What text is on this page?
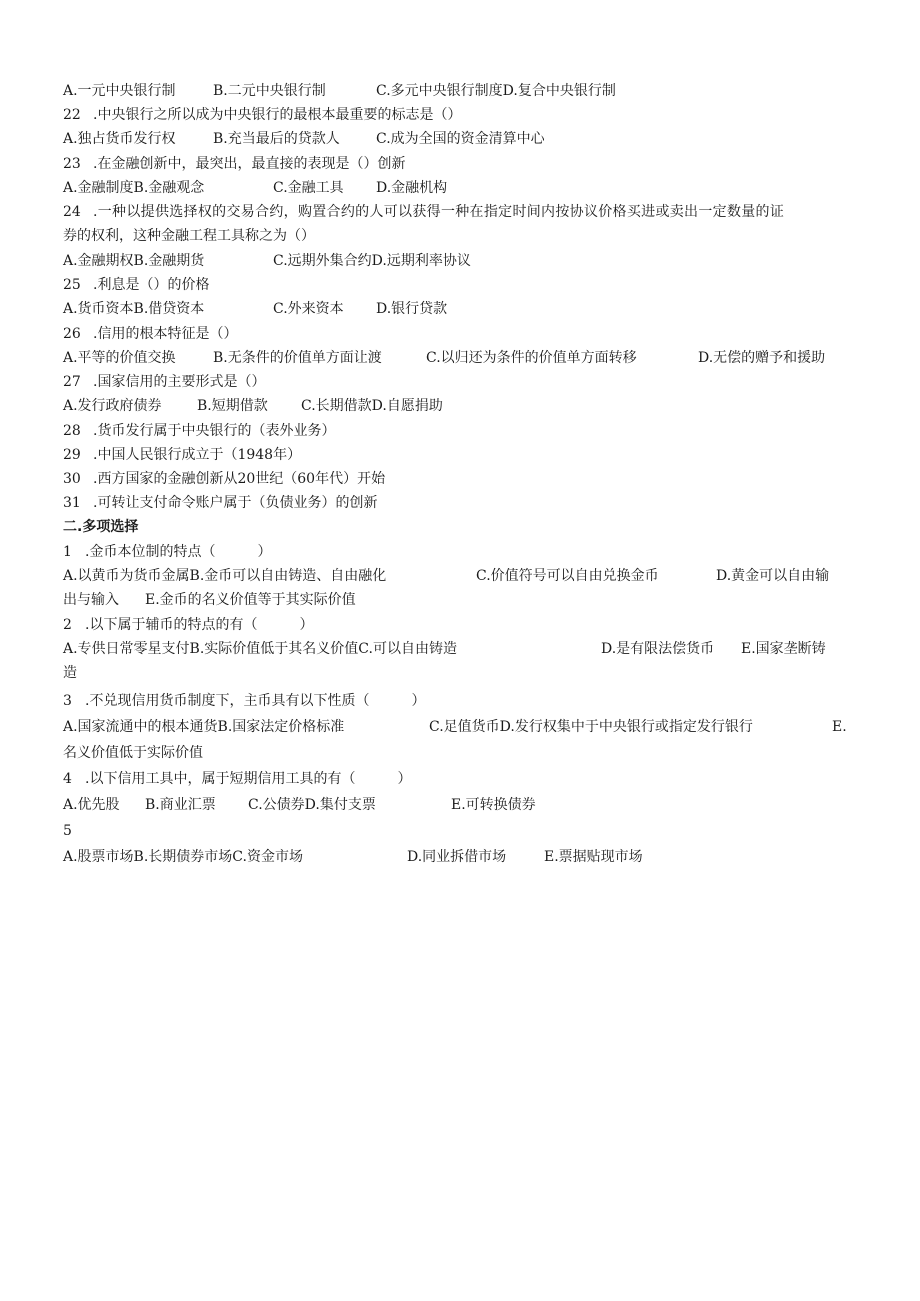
A.一元中央银行制	B.二元中央银行制	C.多元中央银行制度D.复合中央银行制
22 .中央银行之所以成为中央银行的最根本最重要的标志是（）
A.独占货币发行权	B.充当最后的贷款人	C.成为全国的资金清算中心
23 .在金融创新中，最突出，最直接的表现是（）创新
A.金融制度B.金融观念	C.金融工具 D.金融机构
24 .一种以提供选择权的交易合约，购置合约的人可以获得一种在指定时间内按协议价格买进或卖出一定数量的证
券的权利，这种金融工程工具称之为（）
A.金融期权B.金融期货	C.远期外集合约D.远期利率协议
25 .利息是（）的价格
A.货币资本B.借贷资本	C.外来资本 D.银行贷款
26 .信用的根本特征是（）
A.平等的价值交换	B.无条件的价值单方面让渡	C.以归还为条件的价值单方面转移	D.无偿的赠予和援助
27 .国家信用的主要形式是（）
A.发行政府债券	B.短期借款 C.长期借款D.自愿捐助
28 .货币发行属于中央银行的（表外业务）
29 .中国人民银行成立于（1948年）
30 .西方国家的金融创新从20世纪（60年代）开始
31 .可转让支付命令账户属于（负债业务）的创新
二.多项选择
1 .金币本位制的特点（　　　）
A.以黄币为货币金属B.金币可以自由铸造、自由融化	C.价值符号可以自由兑换金币	D.黄金可以自由输
出与输入 E.金币的名义价值等于其实际价值
2 .以下属于辅币的特点的有（　　　）
A.专供日常零星支付B.实际价值低于其名义价值C.可以自由铸造	D.是有限法偿货币 E.国家垄断铸
造
3 .不兑现信用货币制度下，主币具有以下性质（　　　）
A.国家流通中的根本通货B.国家法定价格标准	C.足值货币D.发行权集中于中央银行或指定发行银行	E.
名义价值低于实际价值
4 .以下信用工具中，属于短期信用工具的有（　　　）
A.优先股 B.商业汇票 C.公债券D.集付支票	E.可转换债券
5
A.股票市场B.长期债券市场C.资金市场	D.同业拆借市场	E.票据贴现市场
